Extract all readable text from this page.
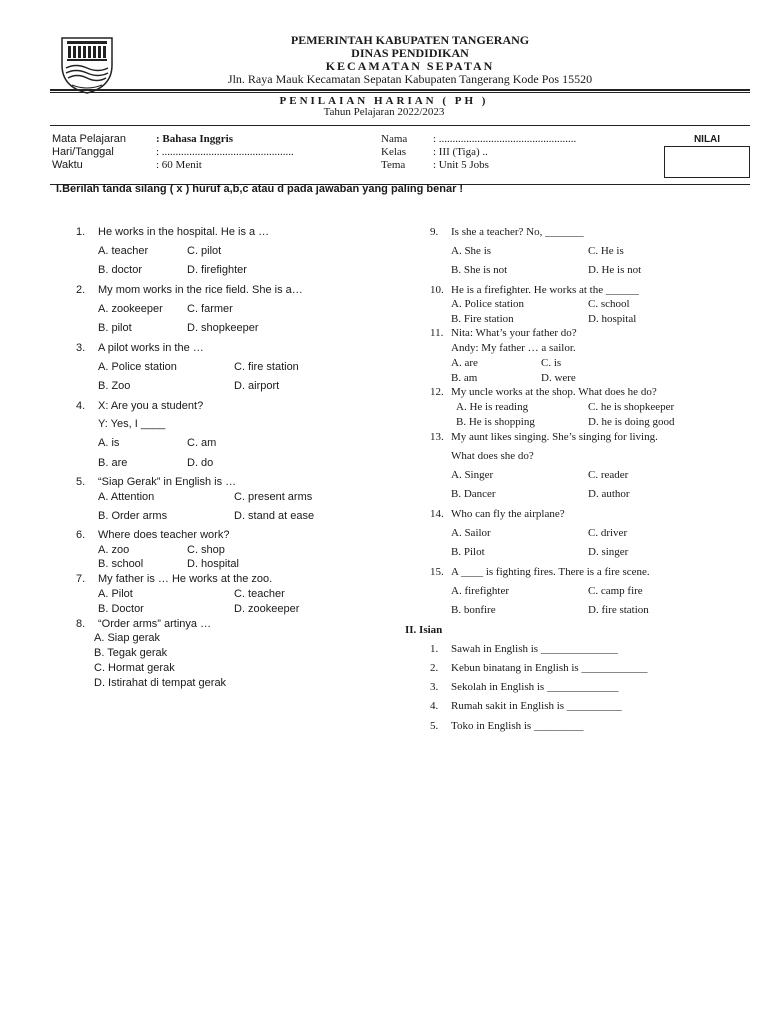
PEMERINTAH KABUPATEN TANGERANG
DINAS PENDIDIKAN
KECAMATAN SEPATAN
Jln. Raya Mauk Kecamatan Sepatan Kabupaten Tangerang Kode Pos 15520
PENILAIAN HARIAN ( PH )
Tahun Pelajaran 2022/2023
Mata Pelajaran	: Bahasa Inggris
Hari/Tanggal	: ................................................
Waktu	: 60 Menit
Nama : ..................................................
Kelas : III (Tiga) ..
Tema	: Unit 5 Jobs
NILAI
I.Berilah tanda silang ( x ) huruf a,b,c atau d pada jawaban yang paling benar !
1. He works in the hospital. He is a …
A. teacher	C. pilot
B. doctor	D. firefighter
2. My mom works in the rice field. She is a…
A. zookeeper C. farmer
B. pilot	D. shopkeeper
3. A pilot works in the …
A. Police station	C. fire station
B. Zoo	D. airport
4. X: Are you a student?
Y: Yes, I ____
A. is	C. am
B. are	D. do
5. “Siap Gerak” in English is …
A. Attention	C. present arms
B. Order arms	D. stand at ease
6. Where does teacher work?
A. zoo	C. shop
B. school	D. hospital
7. My father is … He works at the zoo.
A. Pilot	C. teacher
B. Doctor	D. zookeeper
8. “Order arms” artinya …
A. Siap gerak
B. Tegak gerak
C. Hormat gerak
D. Istirahat di tempat gerak
9. Is she a teacher? No, _______
A. She is	C. He is
B. She is not	D. He is not
10. He is a firefighter. He works at the ______
A. Police station	C. school
B. Fire station	D. hospital
11. Nita: What’s your father do?
Andy: My father … a sailor.
A. are	C. is
B. am	D. were
12. My uncle works at the shop. What does he do?
A. He is reading	C. he is shopkeeper
B. He is shopping	D. he is doing good
13. My aunt likes singing. She’s singing for living.
What does she do?
A. Singer	C. reader
B. Dancer	D. author
14. Who can fly the airplane?
A. Sailor	C. driver
B. Pilot	D. singer
15. A ____ is fighting fires. There is a fire scene.
A. firefighter	C. camp fire
B. bonfire	D. fire station
II. Isian
1. Sawah in English is ______________
2. Kebun binatang in English is ____________
3. Sekolah in English is _____________
4. Rumah sakit in English is __________
5. Toko in English is _________
